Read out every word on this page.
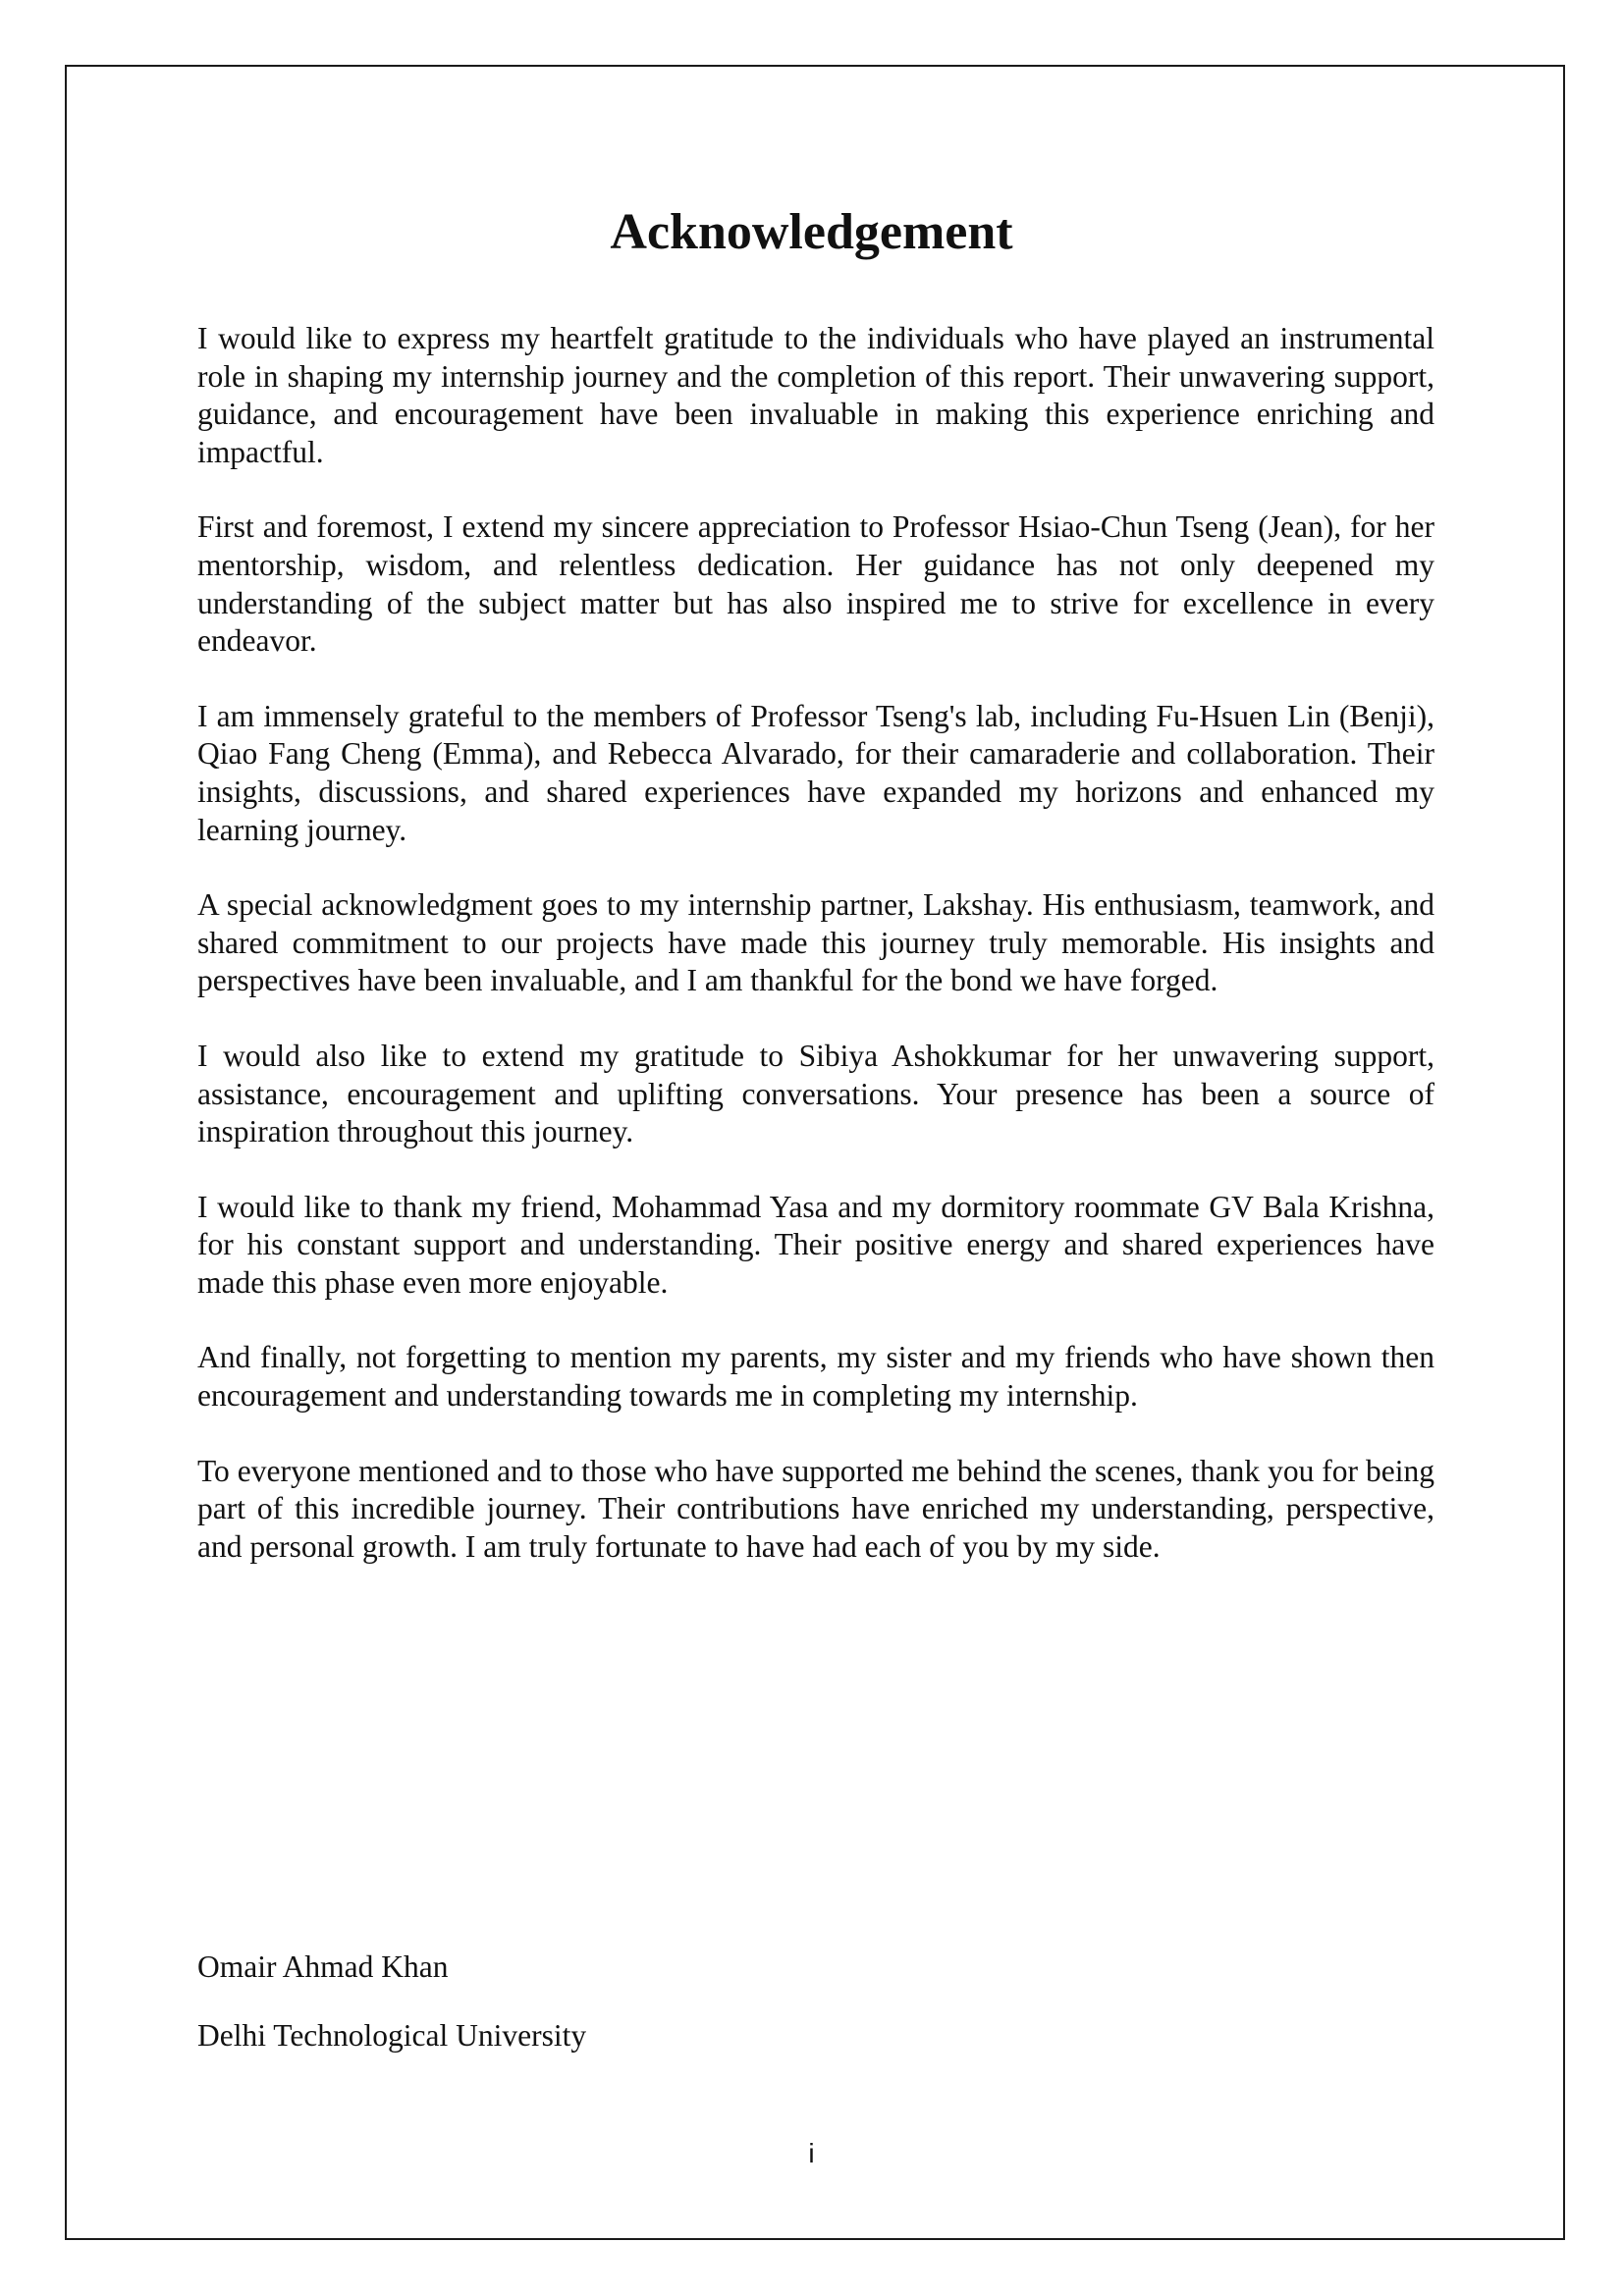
Acknowledgement

I would like to express my heartfelt gratitude to the individuals who have played an instrumental role in shaping my internship journey and the completion of this report. Their unwavering support, guidance, and encouragement have been invaluable in making this experience enriching and impactful.

First and foremost, I extend my sincere appreciation to Professor Hsiao-Chun Tseng (Jean), for her mentorship, wisdom, and relentless dedication. Her guidance has not only deepened my understanding of the subject matter but has also inspired me to strive for excellence in every endeavor.

I am immensely grateful to the members of Professor Tseng's lab, including Fu-Hsuen Lin (Benji), Qiao Fang Cheng (Emma), and Rebecca Alvarado, for their camaraderie and collaboration. Their insights, discussions, and shared experiences have expanded my horizons and enhanced my learning journey.

A special acknowledgment goes to my internship partner, Lakshay. His enthusiasm, teamwork, and shared commitment to our projects have made this journey truly memorable. His insights and perspectives have been invaluable, and I am thankful for the bond we have forged.

I would also like to extend my gratitude to Sibiya Ashokkumar for her unwavering support, assistance, encouragement and uplifting conversations. Your presence has been a source of inspiration throughout this journey.

I would like to thank my friend, Mohammad Yasa and my dormitory roommate GV Bala Krishna, for his constant support and understanding. Their positive energy and shared experiences have made this phase even more enjoyable.

And finally, not forgetting to mention my parents, my sister and my friends who have shown then encouragement and understanding towards me in completing my internship.

To everyone mentioned and to those who have supported me behind the scenes, thank you for being part of this incredible journey. Their contributions have enriched my understanding, perspective, and personal growth. I am truly fortunate to have had each of you by my side.

Omair Ahmad Khan
Delhi Technological University
i
